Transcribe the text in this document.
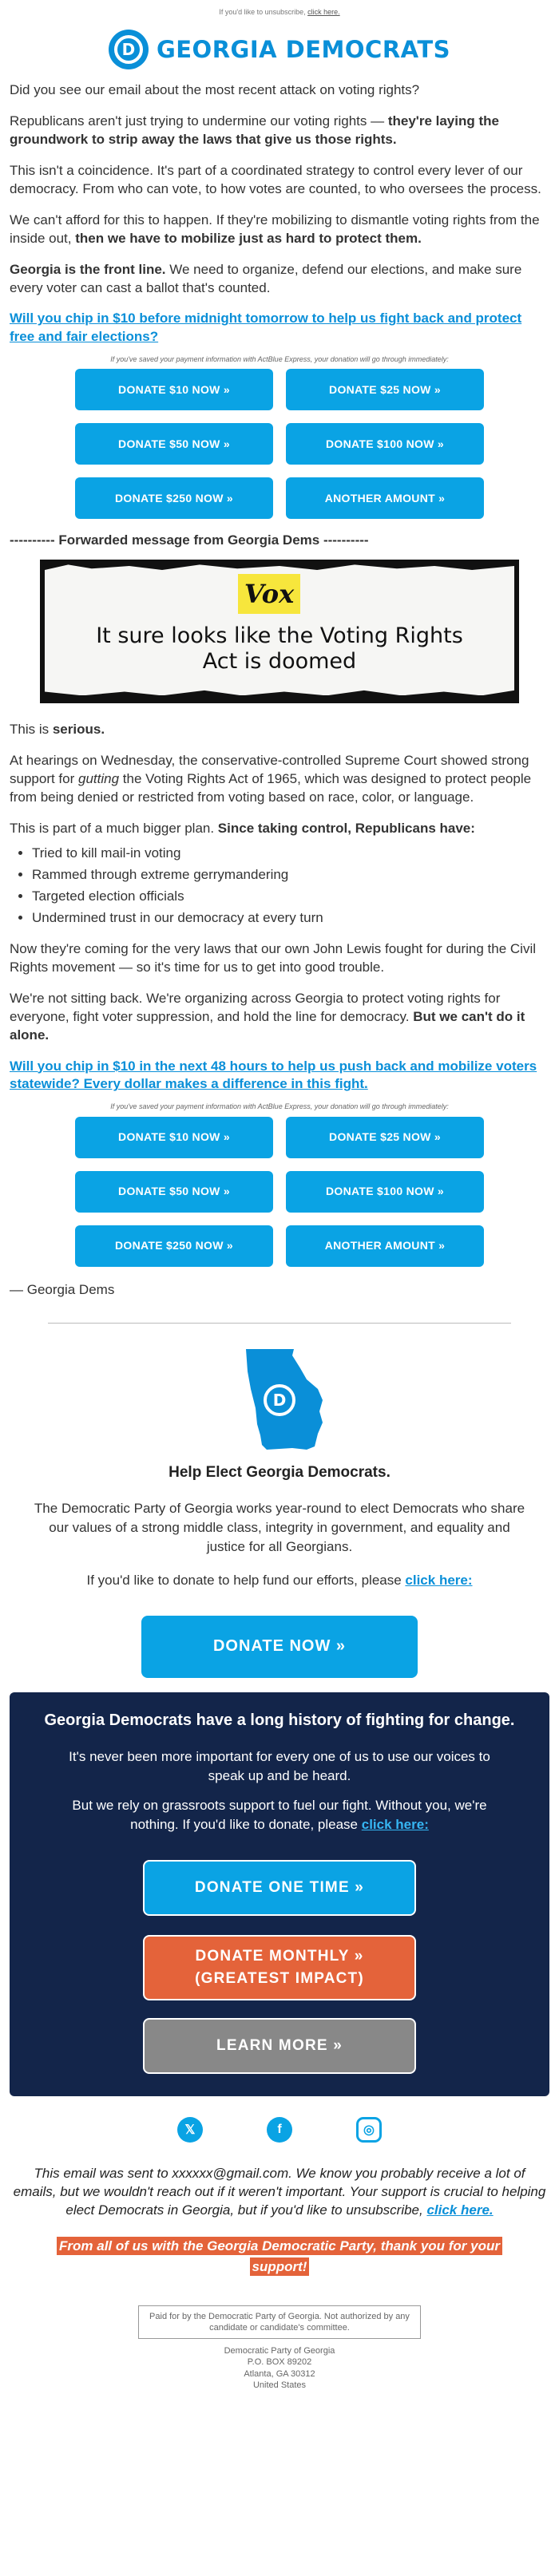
If you'd like to unsubscribe, click here.
D GEORGIA DEMOCRATS

Did you see our email about the most recent attack on voting rights?

Republicans aren't just trying to undermine our voting rights — they're laying the groundwork to strip away the laws that give us those rights.

This isn't a coincidence. It's part of a coordinated strategy to control every lever of our democracy. From who can vote, to how votes are counted, to who oversees the process.

We can't afford for this to happen. If they're mobilizing to dismantle voting rights from the inside out, then we have to mobilize just as hard to protect them.

Georgia is the front line. We need to organize, defend our elections, and make sure every voter can cast a ballot that's counted.

Will you chip in $10 before midnight tomorrow to help us fight back and protect free and fair elections?
If you've saved your payment information with ActBlue Express, your donation will go through immediately:
DONATE $10 NOW »	DONATE $25 NOW »
DONATE $50 NOW »	DONATE $100 NOW »
DONATE $250 NOW »	ANOTHER AMOUNT »
---------- Forwarded message from Georgia Dems ----------
Vox
It sure looks like the Voting Rights
Act is doomed

This is serious.

At hearings on Wednesday, the conservative-controlled Supreme Court showed strong support for gutting the Voting Rights Act of 1965, which was designed to protect people from being denied or restricted from voting based on race, color, or language.

This is part of a much bigger plan. Since taking control, Republicans have:

• Tried to kill mail-in voting
• Rammed through extreme gerrymandering
• Targeted election officials
• Undermined trust in our democracy at every turn

Now they're coming for the very laws that our own John Lewis fought for during the Civil Rights movement — so it's time for us to get into good trouble.

We're not sitting back. We're organizing across Georgia to protect voting rights for everyone, fight voter suppression, and hold the line for democracy. But we can't do it alone.

Will you chip in $10 in the next 48 hours to help us push back and mobilize voters statewide? Every dollar makes a difference in this fight.
If you've saved your payment information with ActBlue Express, your donation will go through immediately:
DONATE $10 NOW »	DONATE $25 NOW »
DONATE $50 NOW »	DONATE $100 NOW »
DONATE $250 NOW »	ANOTHER AMOUNT »
— Georgia Dems
D
Help Elect Georgia Democrats.
The Democratic Party of Georgia works year-round to elect Democrats who share our values of a strong middle class, integrity in government, and equality and justice for all Georgians.
If you'd like to donate to help fund our efforts, please click here:
DONATE NOW »
Georgia Democrats have a long history of fighting for change.

It's never been more important for every one of us to use our voices to speak up and be heard.

But we rely on grassroots support to fuel our fight. Without you, we're nothing. If you'd like to donate, please click here:

DONATE ONE TIME »
DONATE MONTHLY »
(GREATEST IMPACT)
LEARN MORE »
𝕏	f	◎
This email was sent to xxxxxx@gmail.com. We know you probably receive a lot of emails, but we wouldn't reach out if it weren't important. Your support is crucial to helping elect Democrats in Georgia, but if you'd like to unsubscribe, click here.
From all of us with the Georgia Democratic Party, thank you for your support!
Paid for by the Democratic Party of Georgia. Not authorized by any candidate or candidate's committee.
Democratic Party of Georgia
P.O. BOX 89202
Atlanta, GA 30312
United States
